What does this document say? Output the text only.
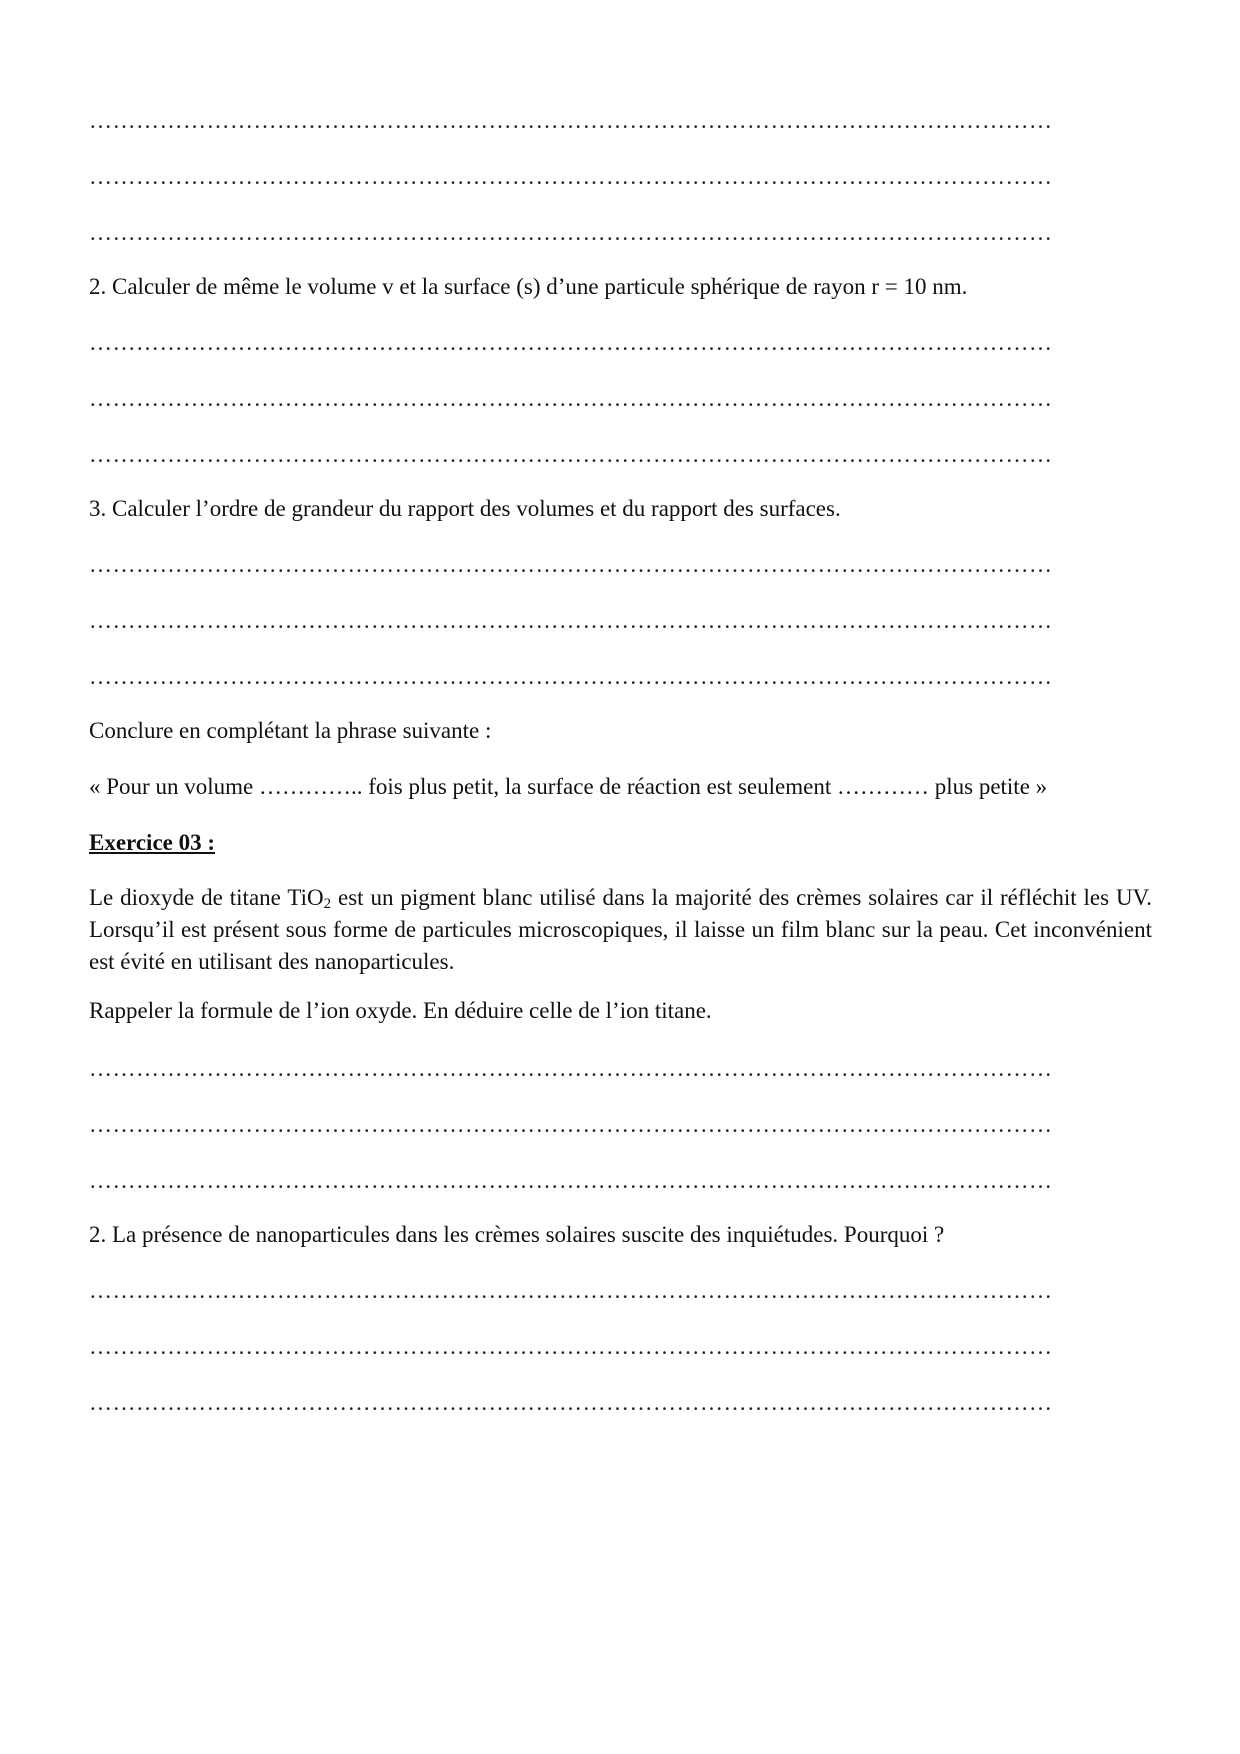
……………………………………………………………………………………………………………
……………………………………………………………………………………………………………
……………………………………………………………………………………………………………
2. Calculer de même le volume v et la surface (s) d’une particule sphérique de rayon r = 10 nm.
……………………………………………………………………………………………………………
……………………………………………………………………………………………………………
……………………………………………………………………………………………………………
3. Calculer l’ordre de grandeur du rapport des volumes et du rapport des surfaces.
……………………………………………………………………………………………………………
……………………………………………………………………………………………………………
……………………………………………………………………………………………………………
Conclure en complétant la phrase suivante :
« Pour un volume ………….. fois plus petit, la surface de réaction est seulement ………… plus petite »
Exercice 03 :
Le dioxyde de titane TiO$_2$ est un pigment blanc utilisé dans la majorité des crèmes solaires car il réfléchit les UV. Lorsqu’il est présent sous forme de particules microscopiques, il laisse un film blanc sur la peau. Cet inconvénient est évité en utilisant des nanoparticules.
Rappeler la formule de l’ion oxyde. En déduire celle de l’ion titane.
……………………………………………………………………………………………………………
……………………………………………………………………………………………………………
……………………………………………………………………………………………………………
2. La présence de nanoparticules dans les crèmes solaires suscite des inquiétudes. Pourquoi ?
……………………………………………………………………………………………………………
……………………………………………………………………………………………………………
……………………………………………………………………………………………………………
